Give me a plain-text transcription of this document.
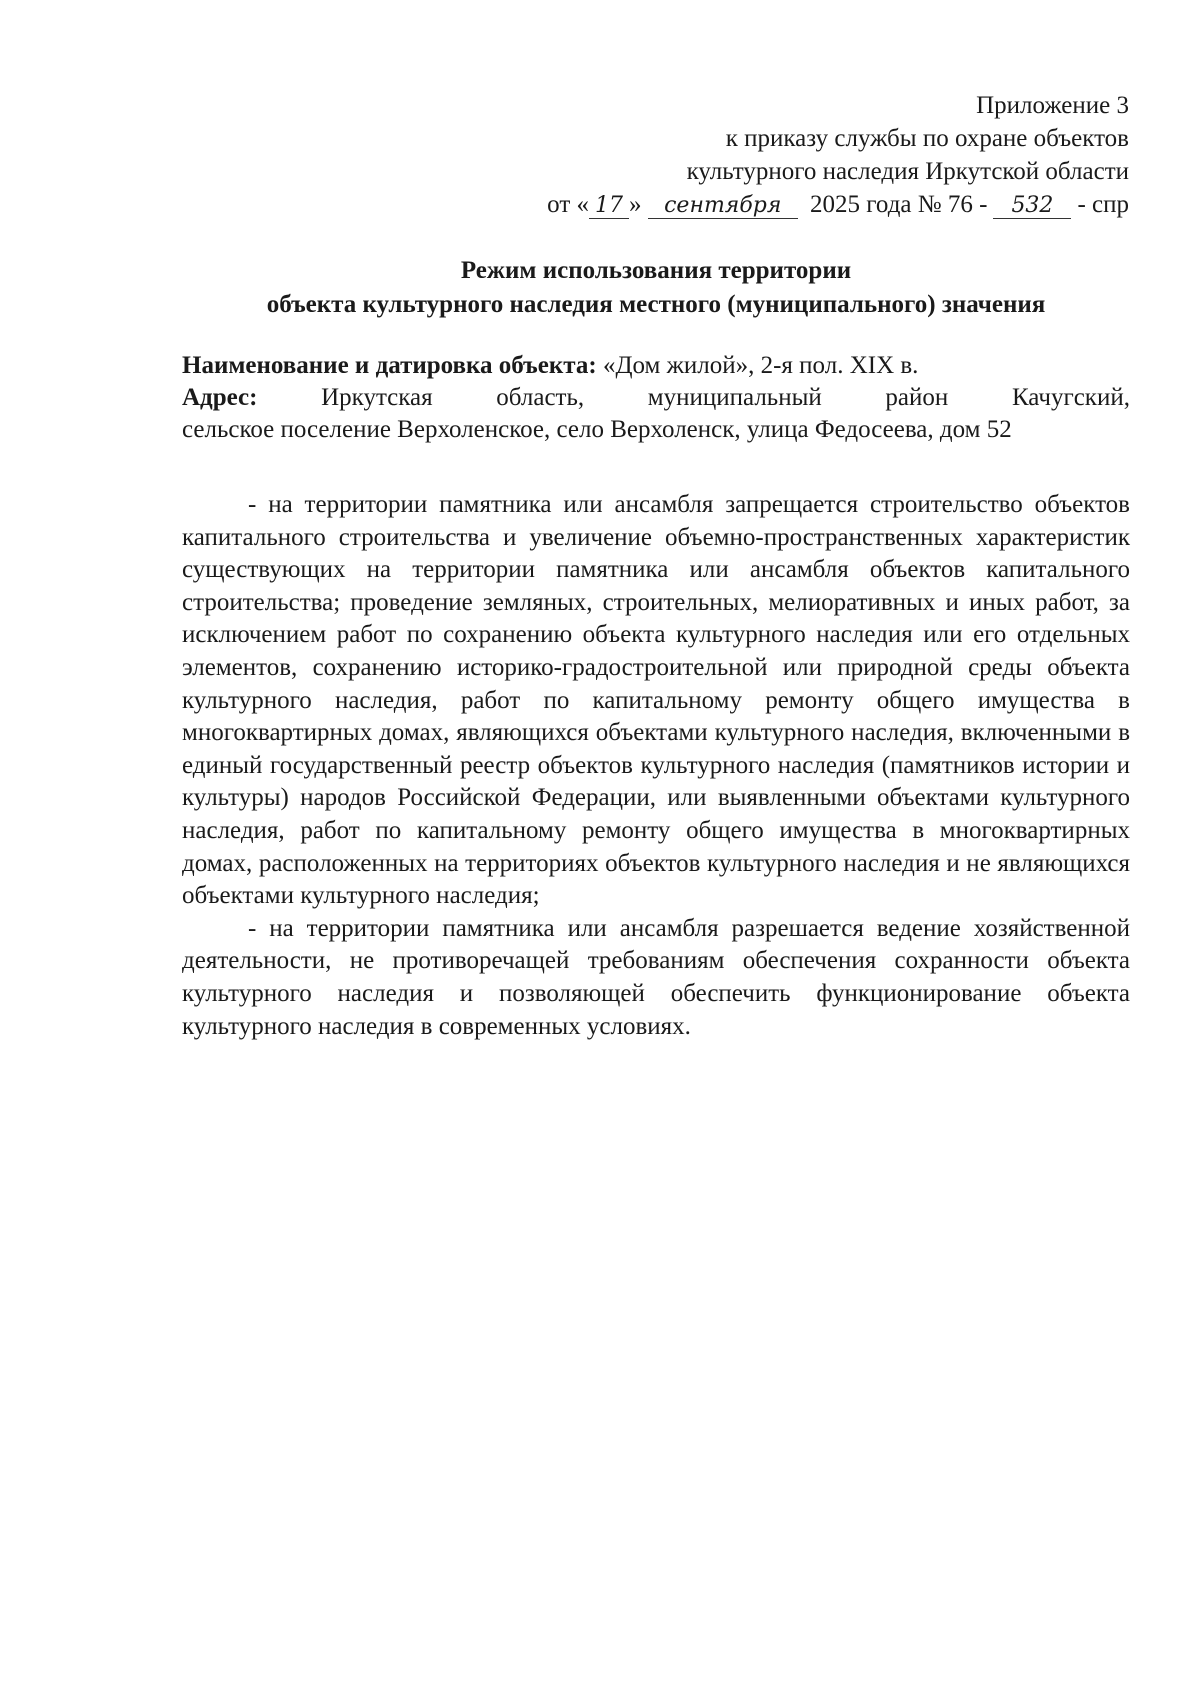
Приложение 3
к приказу службы по охране объектов
культурного наследия Иркутской области
от « 17 » сентября 2025 года № 76 - 532 - спр
Режим использования территории
объекта культурного наследия местного (муниципального) значения
Наименование и датировка объекта: «Дом жилой», 2-я пол. XIX в.
Адрес:	Иркутская	область,	муниципальный	район	Качугский,
сельское поселение Верхоленское, село Верхоленск, улица Федосеева, дом 52

- на территории памятника или ансамбля запрещается строительство объектов капитального строительства и увеличение объемно-пространственных характеристик существующих на территории памятника или ансамбля объектов капитального строительства; проведение земляных, строительных, мелиоративных и иных работ, за исключением работ по сохранению объекта культурного наследия или его отдельных элементов, сохранению историко-градостроительной или природной среды объекта культурного наследия, работ по капитальному ремонту общего имущества в многоквартирных домах, являющихся объектами культурного наследия, включенными в единый государственный реестр объектов культурного наследия (памятников истории и культуры) народов Российской Федерации, или выявленными объектами культурного наследия, работ по капитальному ремонту общего имущества в многоквартирных домах, расположенных на территориях объектов культурного наследия и не являющихся объектами культурного наследия;

- на территории памятника или ансамбля разрешается ведение хозяйственной деятельности, не противоречащей требованиям обеспечения сохранности объекта культурного наследия и позволяющей обеспечить функционирование объекта культурного наследия в современных условиях.
